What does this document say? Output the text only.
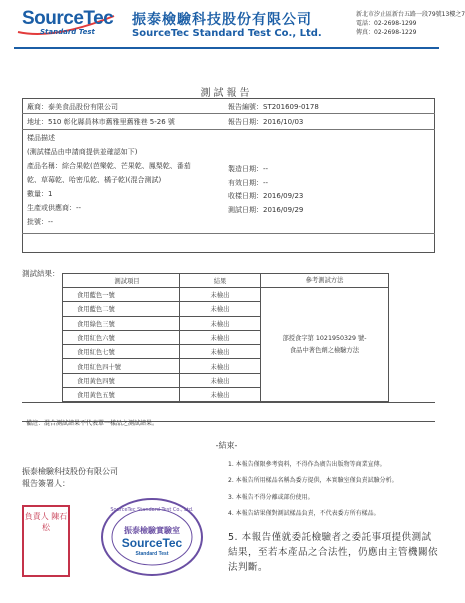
SourceTec
Standard Test
振泰檢驗科技股份有限公司
SourceTec Standard Test Co., Ltd.
新北市汐止區新台五路一段79號13樓之7
電話：02-2698-1299
傳真：02-2698-1229
測試報告
廠商：泰美食品股份有限公司	報告編號：ST201609-0178
地址：510 彰化縣員林市舊雅里舊雅巷 5-26 號	報告日期：2016/10/03
樣品描述
(測試樣品由申請商提供並確認如下)
產品名稱：綜合果乾(芭樂乾、芒果乾、鳳梨乾、番茄
乾、草莓乾、哈密瓜乾、橘子乾)(混合測試)
數量：1
生產或供應商：--
批號：--
製造日期：--
有效日期：--
收樣日期：2016/09/23
測試日期：2016/09/29
測試結果：
測試項目	結果	參考測試方法
食用藍色一號	未檢出	部授食字第 1021950329 號-
食品中著色劑之檢驗方法

食用藍色二號	未檢出	
食用綠色三號	未檢出	
食用紅色六號	未檢出	
食用紅色七號	未檢出	
食用紅色四十號	未檢出	
食用黃色四號	未檢出	
食用黃色五號	未檢出	
備註：混合測試結果不代表單一樣品之測試結果。
-結束-
振泰檢驗科技股份有限公司
報告簽署人：
1. 本報告僅限參考資料，不得作為廣告出版物等商業宣傳。
2. 本報告所用樣品名稱為委方提供，本實驗室僅負責試驗分析。
3. 本報告不得分離或部份使用。
4. 本報告結果僅對測試樣品負責，不代表委方所有樣品。
5. 本報告僅就委託檢驗者之委託事項提供測試結果，至若本產品之合法性，仍應由主管機關依法判斷。
負責人 陳石松	振泰檢驗實驗室
SourceTec
Standard Test
SourceTec Standard Test Co., Ltd.
